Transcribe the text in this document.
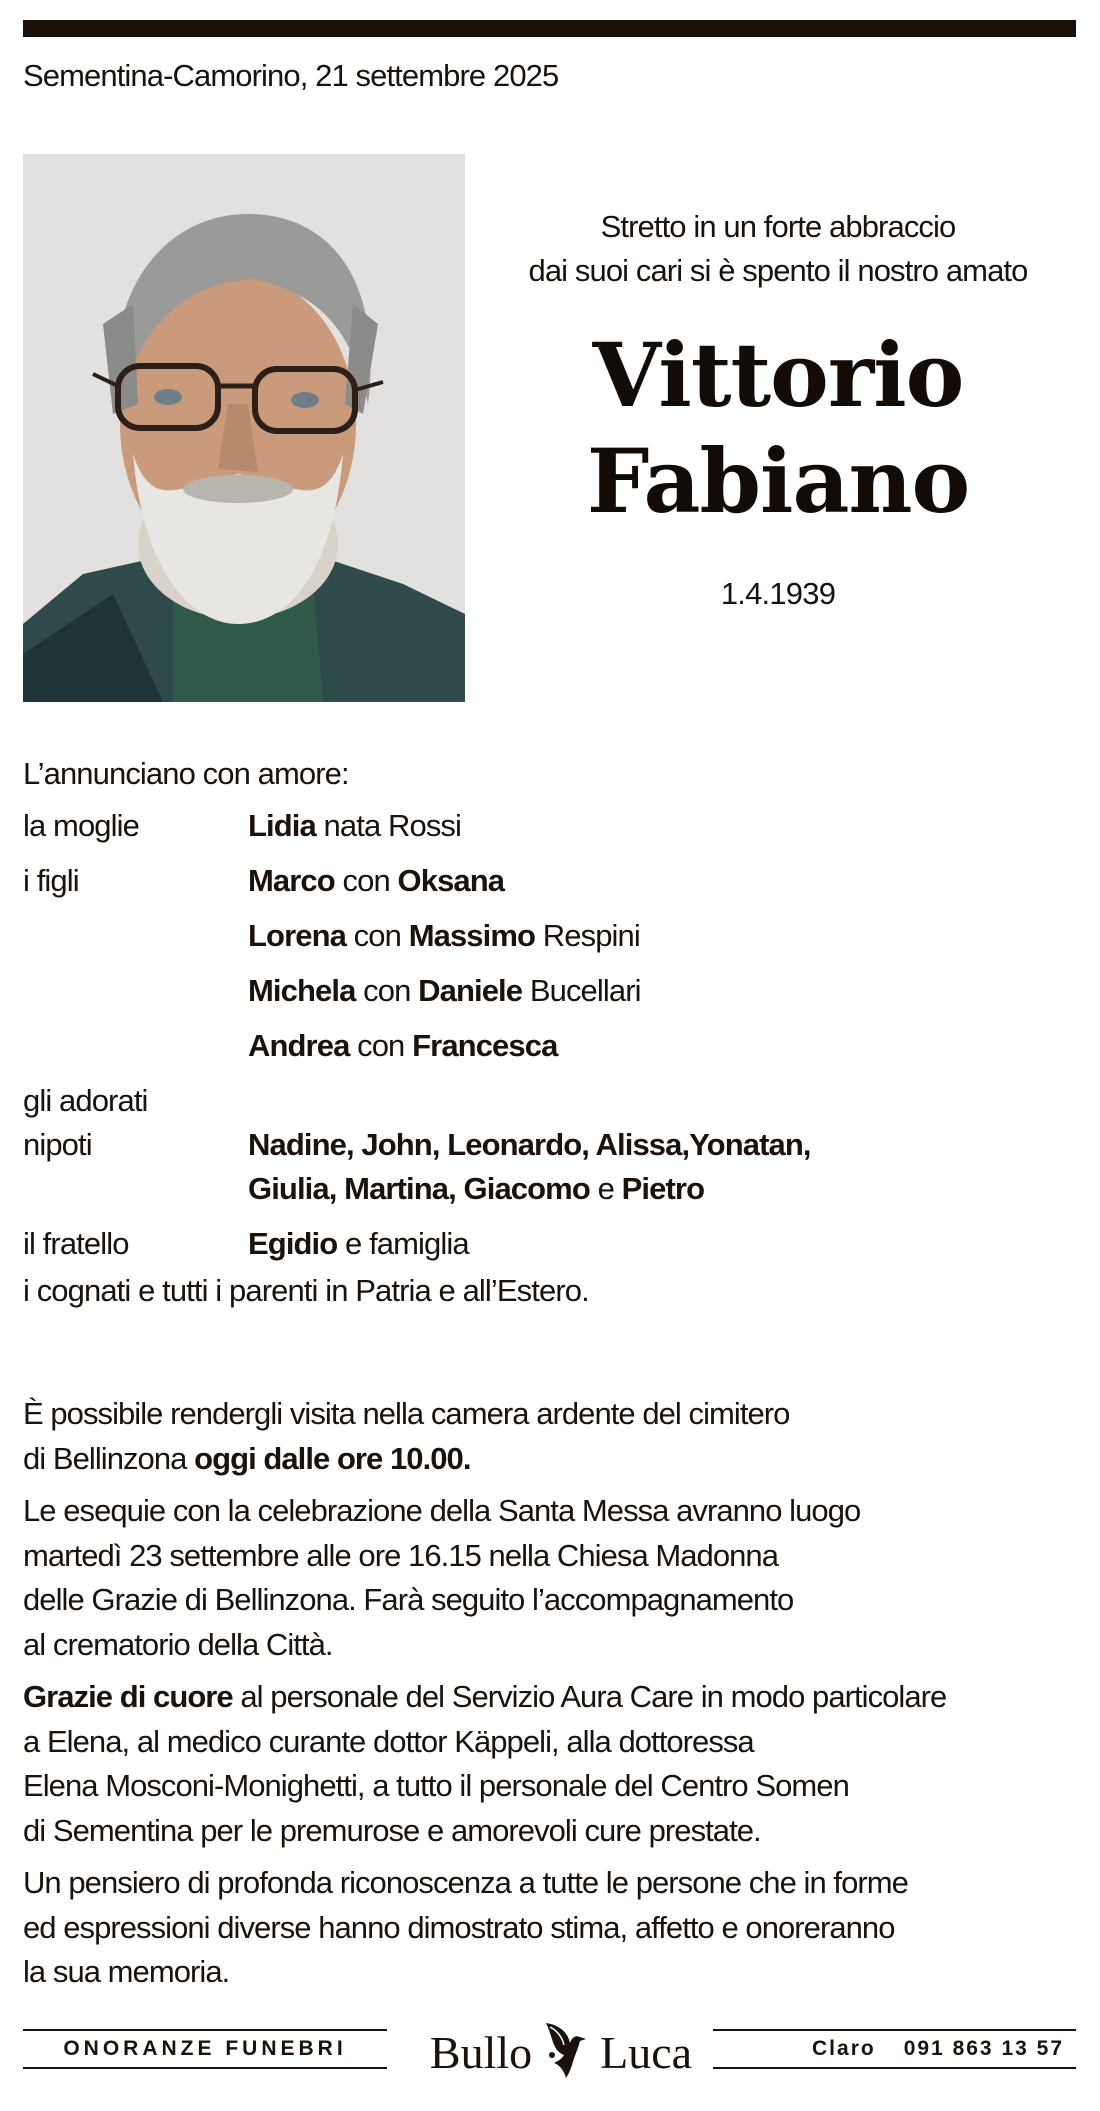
Sementina-Camorino, 21 settembre 2025
Stretto in un forte abbraccio
dai suoi cari si è spento il nostro amato
Vittorio
Fabiano
1.4.1939
L’annunciano con amore:
la moglie	Lidia nata Rossi
i figli	Marco con Oksana
Lorena con Massimo Respini
Michela con Daniele Bucellari
Andrea con Francesca
gli adorati
nipoti	Nadine, John, Leonardo, Alissa,Yonatan,
Giulia, Martina, Giacomo e Pietro
il fratello	Egidio e famiglia
i cognati e tutti i parenti in Patria e all’Estero.

È possibile rendergli visita nella camera ardente del cimitero
di Bellinzona oggi dalle ore 10.00.

Le esequie con la celebrazione della Santa Messa avranno luogo
martedì 23 settembre alle ore 16.15 nella Chiesa Madonna
delle Grazie di Bellinzona. Farà seguito l’accompagnamento
al crematorio della Città.

Grazie di cuore al personale del Servizio Aura Care in modo particolare
a Elena, al medico curante dottor Käppeli, alla dottoressa
Elena Mosconi-Monighetti, a tutto il personale del Centro Somen
di Sementina per le premurose e amorevoli cure prestate.

Un pensiero di profonda riconoscenza a tutte le persone che in forme
ed espressioni diverse hanno dimostrato stima, affetto e onoreranno
la sua memoria.

ONORANZE FUNEBRI Bullo Luca	Claro 091 863 13 57
